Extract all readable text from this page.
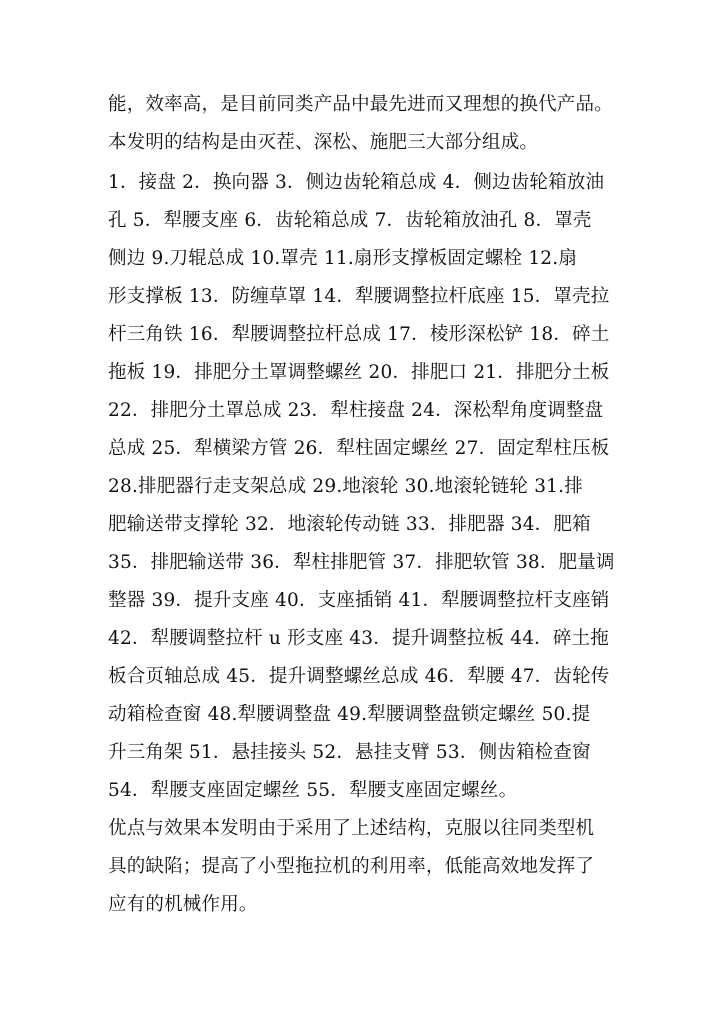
能，效率高，是目前同类产品中最先进而又理想的换代产品。
本发明的结构是由灭茬、深松、施肥三大部分组成。
1．接盘 2．换向器 3．侧边齿轮箱总成 4．侧边齿轮箱放油
孔 5．犁腰支座 6．齿轮箱总成 7．齿轮箱放油孔 8．罩壳
侧边 9.刀辊总成 10.罩壳 11.扇形支撑板固定螺栓 12.扇
形支撑板 13．防缠草罩 14．犁腰调整拉杆底座 15．罩壳拉
杆三角铁 16．犁腰调整拉杆总成 17．棱形深松铲 18．碎土
拖板 19．排肥分土罩调整螺丝 20．排肥口 21．排肥分土板
22．排肥分土罩总成 23．犁柱接盘 24．深松犁角度调整盘
总成 25．犁横梁方管 26．犁柱固定螺丝 27．固定犁柱压板
28.排肥器行走支架总成 29.地滚轮 30.地滚轮链轮 31.排
肥输送带支撑轮 32．地滚轮传动链 33．排肥器 34．肥箱
35．排肥输送带 36．犁柱排肥管 37．排肥软管 38．肥量调
整器 39．提升支座 40．支座插销 41．犁腰调整拉杆支座销
42．犁腰调整拉杆 u 形支座 43．提升调整拉板 44．碎土拖
板合页轴总成 45．提升调整螺丝总成 46．犁腰 47．齿轮传
动箱检查窗 48.犁腰调整盘 49.犁腰调整盘锁定螺丝 50.提
升三角架 51．悬挂接头 52．悬挂支臂 53．侧齿箱检查窗
54．犁腰支座固定螺丝 55．犁腰支座固定螺丝。
优点与效果本发明由于采用了上述结构，克服以往同类型机
具的缺陷；提高了小型拖拉机的利用率，低能高效地发挥了
应有的机械作用。
